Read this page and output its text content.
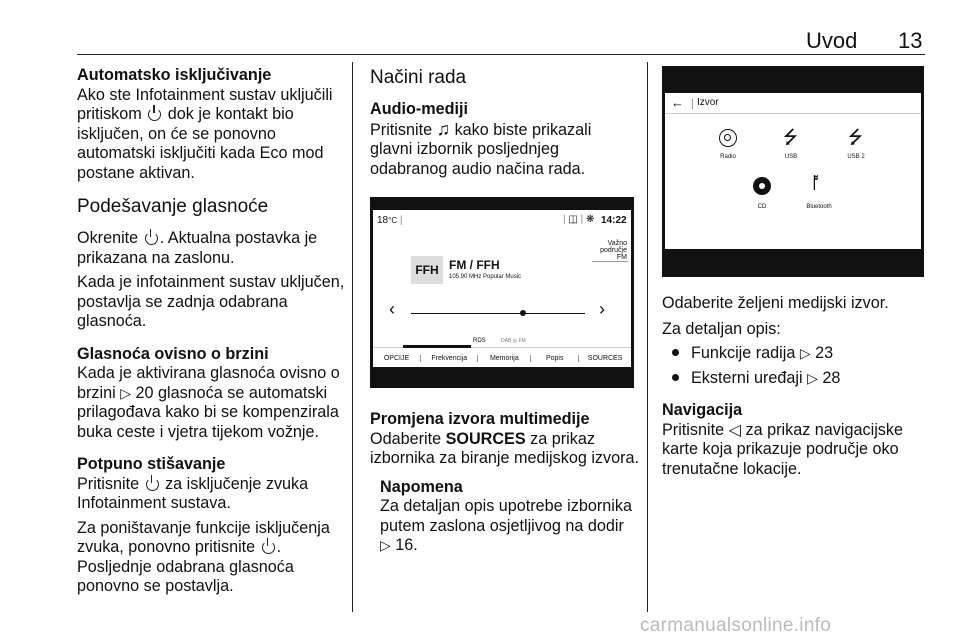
Uvod 13

Automatsko isključivanje

Ako ste Infotainment sustav uključili

pritiskom dok je kontakt bio

isključen, on će se ponovno

automatski isključiti kada Eco mod

postane aktivan.

Podešavanje glasnoće

Okrenite . Aktualna postavka je

prikazana na zaslonu.

Kada je infotainment sustav uključen,

postavlja se zadnja odabrana

glasnoća.

Glasnoća ovisno o brzini

Kada je aktivirana glasnoća ovisno o

brzini ▷ 20 glasnoća se automatski

prilagođava kako bi se kompenzirala

buka ceste i vjetra tijekom vožnje.

Potpuno stišavanje

Pritisnite za isključenje zvuka

Infotainment sustava.

Za poništavanje funkcije isključenja

zvuka, ponovno pritisnite .

Posljednje odabrana glasnoća

ponovno se postavlja.

Načini rada

Audio-mediji

Pritisnite ♫ kako biste prikazali

glavni izbornik posljednjeg

odabranog audio načina rada.

18°C |	| ◫ | ❋ 14:22
Važno područje
FM
FFH FM / FFH
105.90 MHz Popular Music
‹	›
RDS	DAB ◎ FM
OPCIJE	Frekvencija	Memorija	Popis	SOURCES

Promjena izvora multimedije

Odaberite SOURCES za prikaz

izbornika za biranje medijskog izvora.

Napomena

Za detaljan opis upotrebe izbornika

putem zaslona osjetljivog na dodir

▷ 16.

← Izvor
Radio
⭍
USB
⭍
USB 2
CD
ᚩ
Bluetooth

Odaberite željeni medijski izvor.

Za detaljan opis:

Funkcije radija ▷ 23

Eksterni uređaji ▷ 28

Navigacija

Pritisnite ◁ za prikaz navigacijske

karte koja prikazuje područje oko

trenutačne lokacije.

carmanualsonline.info
